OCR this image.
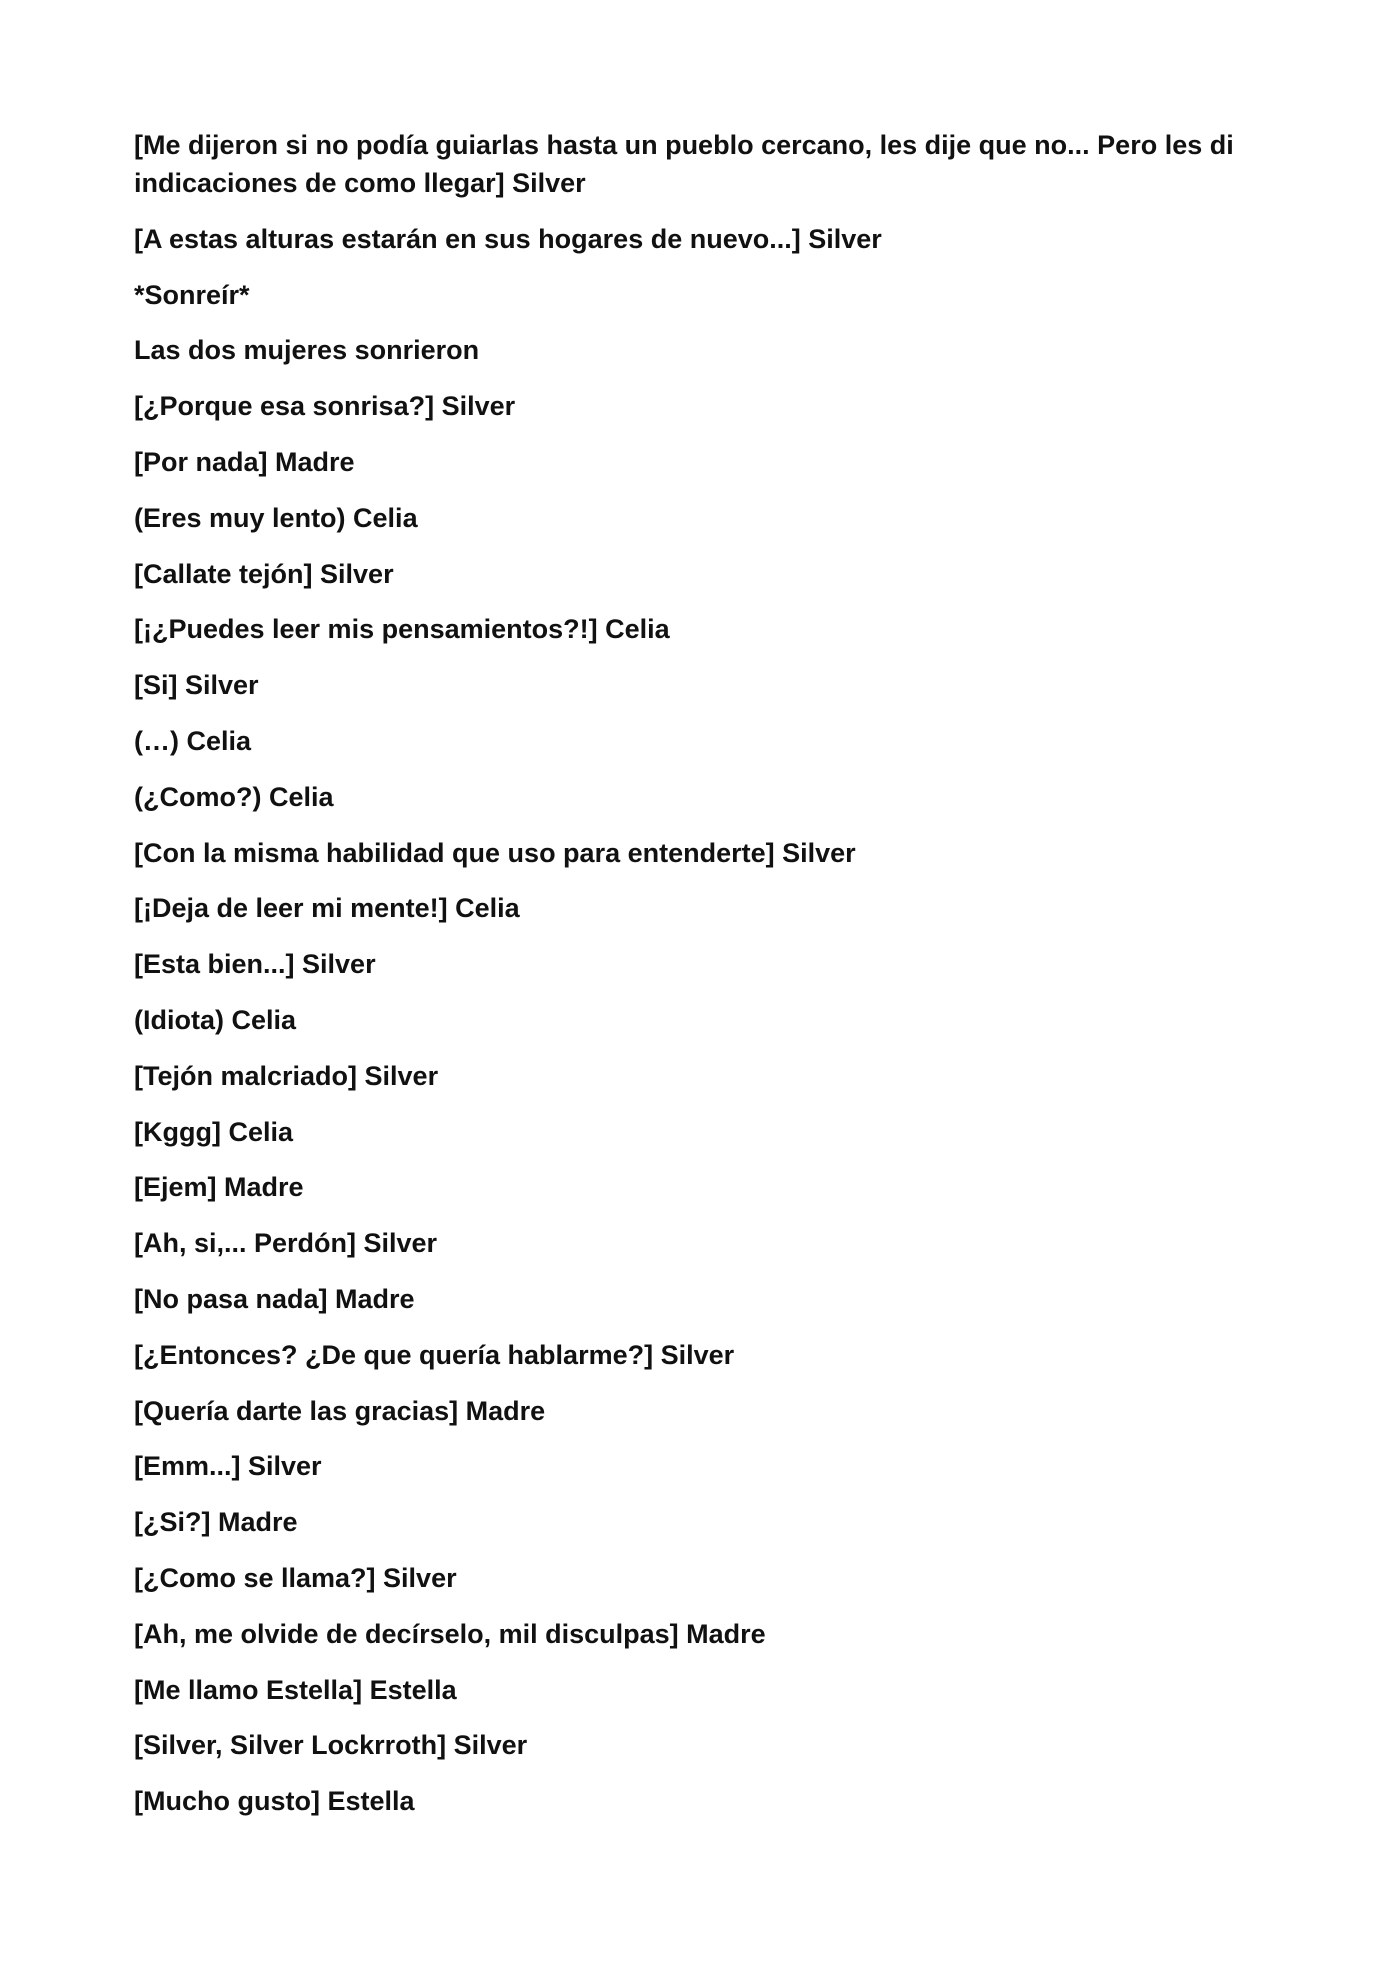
[Me dijeron si no podía guiarlas hasta un pueblo cercano, les dije que no... Pero les di indicaciones de como llegar] Silver

[A estas alturas estarán en sus hogares de nuevo...] Silver

*Sonreír*

Las dos mujeres sonrieron

[¿Porque esa sonrisa?] Silver

[Por nada] Madre

(Eres muy lento) Celia

[Callate tejón] Silver

[¡¿Puedes leer mis pensamientos?!] Celia

[Si] Silver

(…) Celia

(¿Como?) Celia

[Con la misma habilidad que uso para entenderte] Silver

[¡Deja de leer mi mente!] Celia

[Esta bien...] Silver

(Idiota) Celia

[Tejón malcriado] Silver

[Kggg] Celia

[Ejem] Madre

[Ah, si,... Perdón] Silver

[No pasa nada] Madre

[¿Entonces? ¿De que quería hablarme?] Silver

[Quería darte las gracias] Madre

[Emm...] Silver

[¿Si?] Madre

[¿Como se llama?] Silver

[Ah, me olvide de decírselo, mil disculpas] Madre

[Me llamo Estella] Estella

[Silver, Silver Lockrroth] Silver

[Mucho gusto] Estella
